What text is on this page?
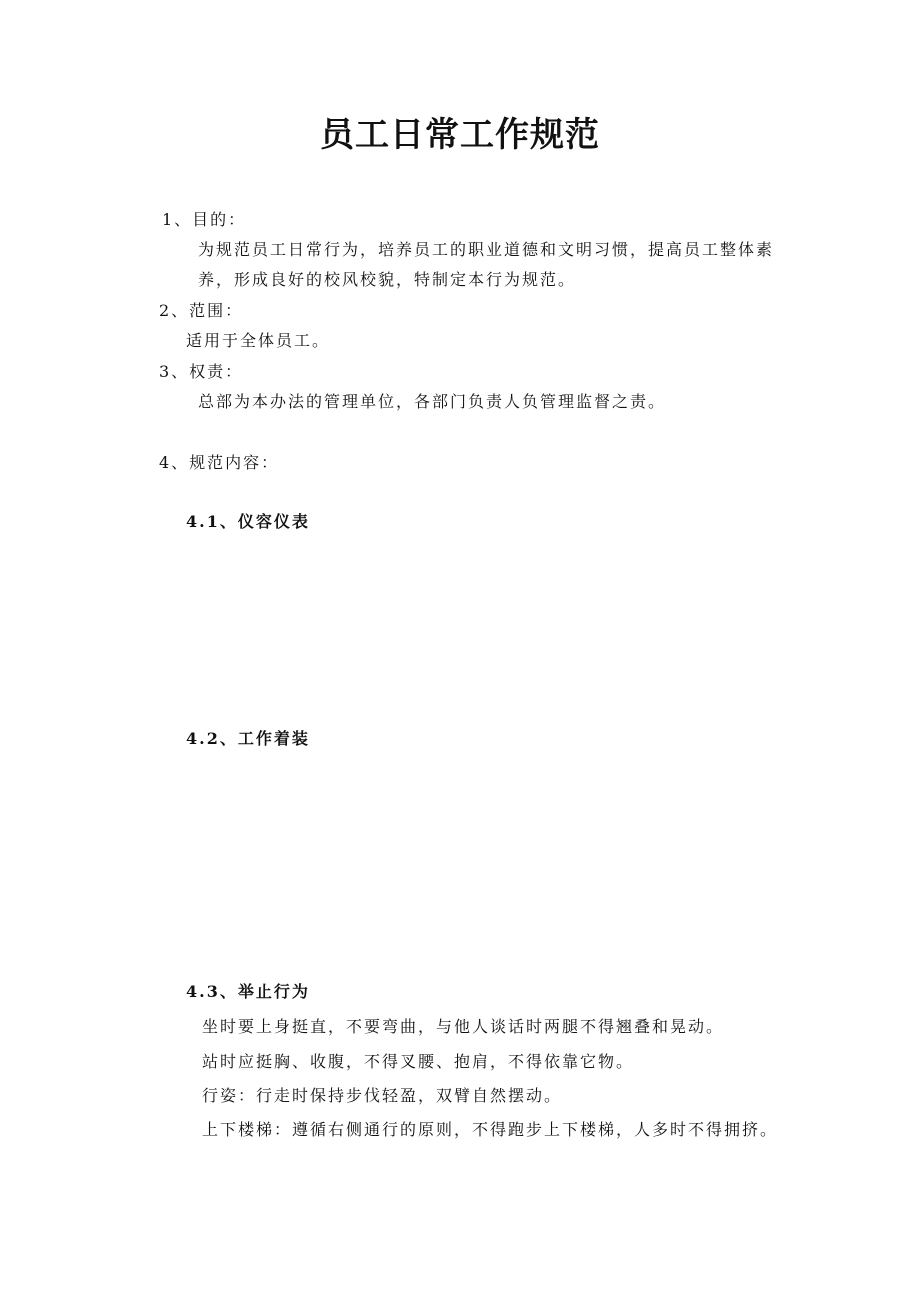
员工日常工作规范
1、目的：
为规范员工日常行为，培养员工的职业道德和文明习惯，提高员工整体素
养，形成良好的校风校貌，特制定本行为规范。
2、范围：
适用于全体员工。
3、权责：
总部为本办法的管理单位，各部门负责人负管理监督之责。
4、规范内容：
4.1、仪容仪表
4.2、工作着装
4.3、举止行为
坐时要上身挺直，不要弯曲，与他人谈话时两腿不得翘叠和晃动。
站时应挺胸、收腹，不得叉腰、抱肩，不得依靠它物。
行姿：行走时保持步伐轻盈，双臂自然摆动。
上下楼梯：遵循右侧通行的原则，不得跑步上下楼梯，人多时不得拥挤。
